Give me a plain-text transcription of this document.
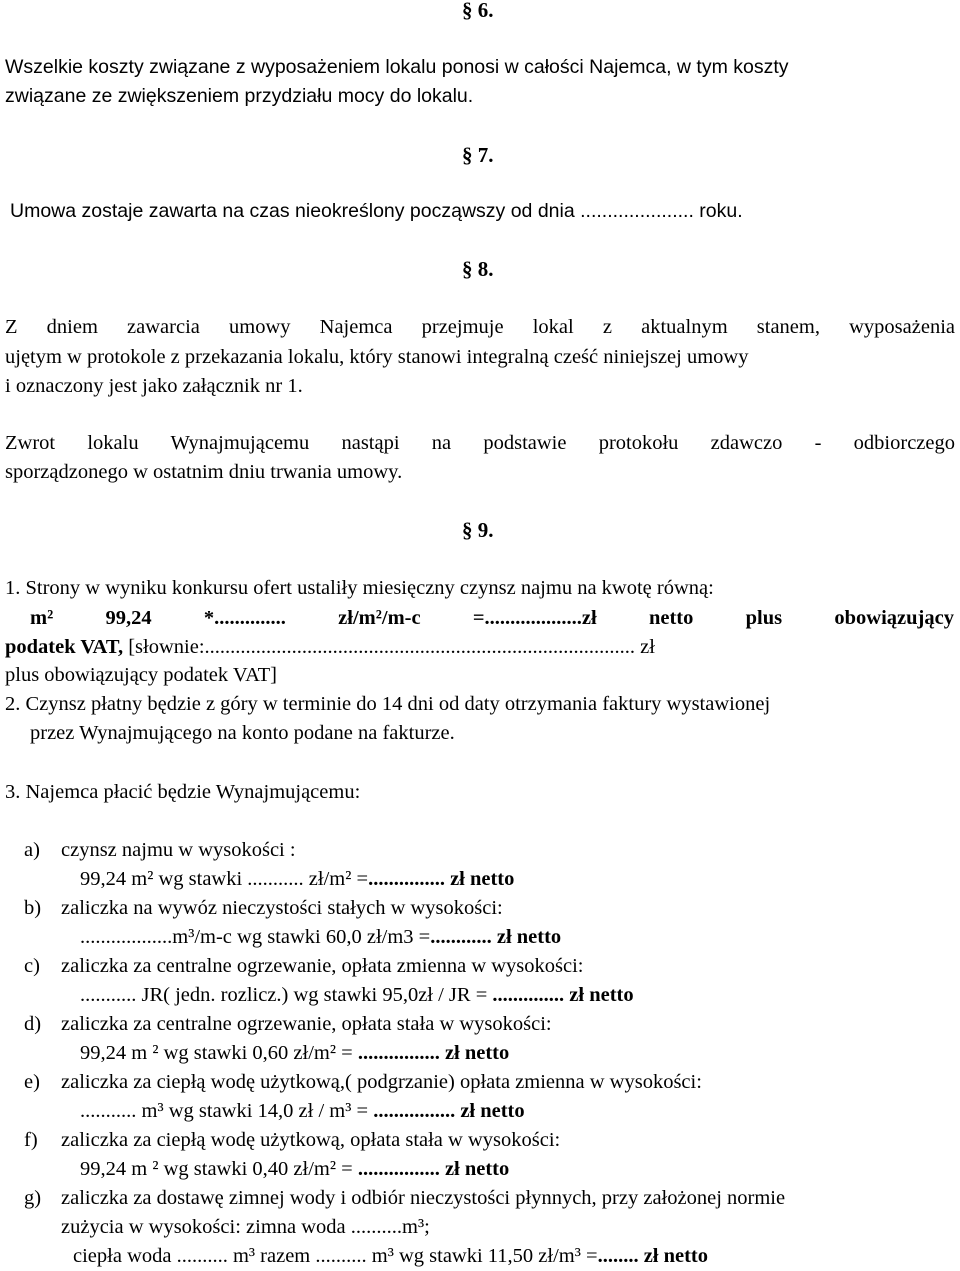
§ 6.
Wszelkie koszty związane z wyposażeniem lokalu ponosi w całości Najemca, w tym koszty
związane ze zwiększeniem przydziału mocy do lokalu.
§ 7.
Umowa zostaje zawarta na czas nieokreślony począwszy od dnia ..................... roku.
§ 8.
Z dniem zawarcia umowy Najemca przejmuje lokal z aktualnym stanem, wyposażenia
ujętym w protokole z przekazania lokalu, który stanowi integralną cześć niniejszej umowy
i oznaczony jest jako załącznik nr 1.
Zwrot lokalu Wynajmującemu nastąpi na podstawie protokołu zdawczo - odbiorczego
sporządzonego w ostatnim dniu trwania umowy.
§ 9.
1. Strony w wyniku konkursu ofert ustaliły miesięczny czynsz najmu na kwotę równą:
m² 99,24 *.............. zł/m²/m-c =...................zł netto plus obowiązujący
podatek VAT, [słownie:.................................................................................... zł
plus obowiązujący podatek VAT]
2. Czynsz płatny będzie z góry w terminie do 14 dni od daty otrzymania faktury wystawionej
przez Wynajmującego na konto podane na fakturze.
3. Najemca płacić będzie Wynajmującemu:
a) czynsz najmu w wysokości :
99,24 m² wg stawki ........... zł/m² =............... zł netto
b) zaliczka na wywóz nieczystości stałych w wysokości:
..................m³/m-c wg stawki 60,0 zł/m3 =............ zł netto
c) zaliczka za centralne ogrzewanie, opłata zmienna w wysokości:
........... JR( jedn. rozlicz.) wg stawki 95,0zł / JR = .............. zł netto
d) zaliczka za centralne ogrzewanie, opłata stała w wysokości:
99,24 m ² wg stawki 0,60 zł/m² = ................ zł netto
e) zaliczka za ciepłą wodę użytkową,( podgrzanie) opłata zmienna w wysokości:
........... m³ wg stawki 14,0 zł / m³ = ................ zł netto
f) zaliczka za ciepłą wodę użytkową, opłata stała w wysokości:
99,24 m ² wg stawki 0,40 zł/m² = ................ zł netto
g) zaliczka za dostawę zimnej wody i odbiór nieczystości płynnych, przy założonej normie
zużycia w wysokości: zimna woda ..........m³;
ciepła woda .......... m³ razem .......... m³ wg stawki 11,50 zł/m³ =........ zł netto
